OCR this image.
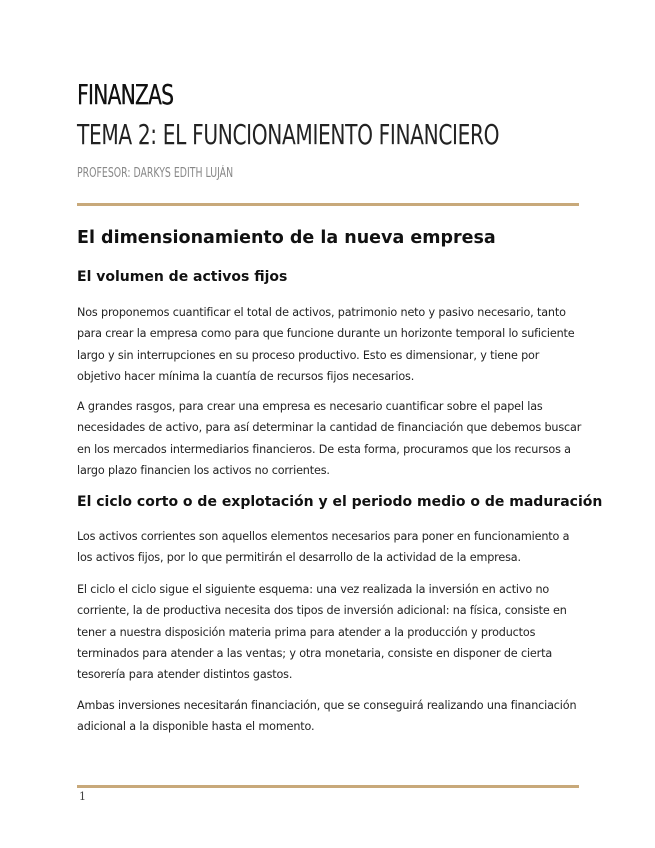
FINANZAS
TEMA 2: EL FUNCIONAMIENTO FINANCIERO

PROFESOR: DARKYS EDITH LUJÁN

El dimensionamiento de la nueva empresa
El volumen de activos fijos

Nos proponemos cuantificar el total de activos, patrimonio neto y pasivo necesario, tanto para crear la empresa como para que funcione durante un horizonte temporal lo suficiente largo y sin interrupciones en su proceso productivo. Esto es dimensionar, y tiene por objetivo hacer mínima la cuantía de recursos fijos necesarios.

A grandes rasgos, para crear una empresa es necesario cuantificar sobre el papel las necesidades de activo, para así determinar la cantidad de financiación que debemos buscar en los mercados intermediarios financieros. De esta forma, procuramos que los recursos a largo plazo financien los activos no corrientes.

El ciclo corto o de explotación y el periodo medio o de maduración

Los activos corrientes son aquellos elementos necesarios para poner en funcionamiento a los activos fijos, por lo que permitirán el desarrollo de la actividad de la empresa.

El ciclo el ciclo sigue el siguiente esquema: una vez realizada la inversión en activo no corriente, la de productiva necesita dos tipos de inversión adicional: na física, consiste en tener a nuestra disposición materia prima para atender a la producción y productos terminados para atender a las ventas; y otra monetaria, consiste en disponer de cierta tesorería para atender distintos gastos.

Ambas inversiones necesitarán financiación, que se conseguirá realizando una financiación adicional a la disponible hasta el momento.

1
